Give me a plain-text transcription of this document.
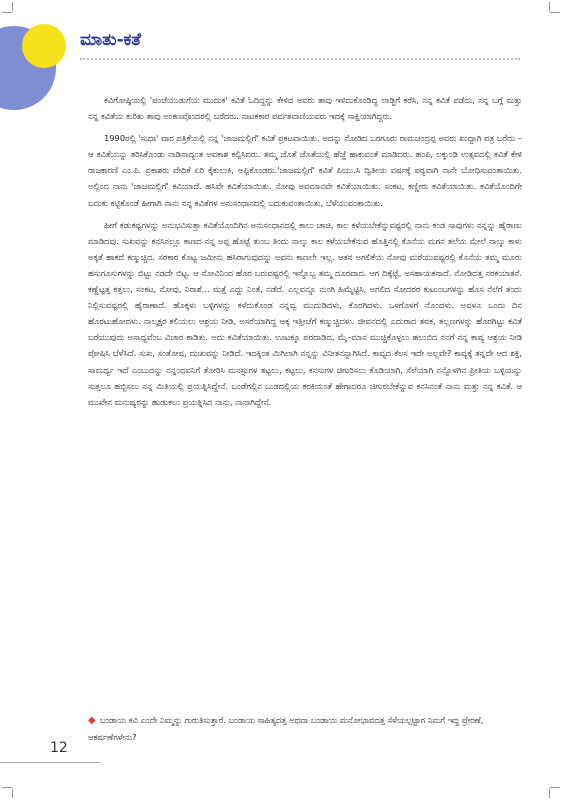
ಮಾತು-ಕತೆ

ಕವಿಗೋಷ್ಠಿಯಲ್ಲಿ 'ಪಂಜೆಯುಡುಗೆಯ ಮುದುಕ' ಕವಿತೆ ಓದಿದ್ದನ್ನು ಕೇಳಿದ ಅವರು ತಾವು ಇಳಿದುಕೊಂಡಿದ್ದ ಲಾಡ್ಜಿಗೆ ಕರೆಸಿ, ನನ್ನ ಕವಿತೆ ಪಡೆದು, ನನ್ನ ಬಗ್ಗೆ ಮತ್ತು ನನ್ನ ಕವಿತೆಯ ಕುರಿತು ತಾವು ಅಂಕಣವೊಂದರಲ್ಲಿ ಬರೆದರು. ನಾಟಕಕಾರ ಪರ್ವತವಾಣಿಯವರು ಇದಕ್ಕೆ ಸಾಕ್ಷಿಯಾಗಿದ್ದರು.

1990ರಲ್ಲಿ 'ಸುಧಾ' ವಾರ ಪತ್ರಿಕೆಯಲ್ಲಿ ನನ್ನ 'ಜಾಜಮಲ್ಲಿಗೆ' ಕವಿತೆ ಪ್ರಕಟವಾಯಿತು. ಅದನ್ನು ನೋಡಿದ ಬರಗೂರು ರಾಮಚಂದ್ರಪ್ಪ ಅವರು ಖುದ್ದಾಗಿ ಪತ್ರ ಬರೆದು – ಆ ಕವಿತೆಯನ್ನು ತರಿಸಿಕೊಂಡು ನಾಡಿನಾದ್ಯಂತ ಅವಕಾಶ ಕಲ್ಪಿಸಿದರು. ತಮ್ಮ ಜೊತೆ ಜೊತೆಯಲ್ಲಿ ಹೆಜ್ಜೆ ಹಾಕುವಂತೆ ಮಾಡಿದರು. ಹಂಪಿ, ಲಕ್ಕುಂಡಿ ಉತ್ಸವದಲ್ಲಿ ಕವಿತೆ ಕೇಳಿ ರಾಜಕಾರಣಿ ಎಂ.ಪಿ. ಪ್ರಕಾಶರು ವೇದಿಕೆ ಏರಿ ಕೈಕುಲುಕಿ, ಅಪ್ಪಿಕೊಂಡರು.'ಜಾಜಮಲ್ಲಿಗೆ' ಕವಿತೆ ಪಿಯು.ಸಿ ದ್ವಿತೀಯ ವರ್ಷಕ್ಕೆ ಪಠ್ಯವಾಗಿ ನಾನೇ ಬೋಧಿಸುವಂತಾಯಿತು. ಅಲ್ಲಿಂದ ನಾನು 'ಜಾಜಮಲ್ಲಿಗೆ' ಕವಿಯಾದೆ. ಹಸಿವೇ ಕವಿತೆಯಾಯಿತು. ನೋವು ಅವಮಾನವೇ ಕವಿತೆಯಾಯಿತು. ಸಂಕಟ, ಕಣ್ಣೀರು ಕವಿತೆಯಾಯಿತು. ಕವಿತೆಯೊಂದಿಗೇ ಬದುಕು ಕಟ್ಟಿಕೊಂಡೆ ಹೀಗಾಗಿ ನಾನು ನನ್ನ ಕವಿತೆಗಳ ಅನುಸಂಧಾನದಲ್ಲಿ ಬದುಕುವಂತಾಯಿತು, ಬೆಳೆಯುವಂತಾಯಿತು.

ಹೀಗೆ ಕಡುಕಷ್ಟಗಳನ್ನು ಅನುಭವಿಸುತ್ತಾ ಕವಿತೆಯೊಂದಿಗಿನ ಅನುಸಂಧಾನದಲ್ಲಿ ಕಾಲು ಚಾಚಿ, ಕಾಲ ಕಳೆಯಬೇಕೆನ್ನುವಷ್ಟರಲ್ಲಿ ನಾನು ಕಂಡ ಸಾವುಗಳು ನನ್ನನ್ನು ಹೈರಾಣು ಮಾಡಿದವು. ಸುಖವನ್ನು ಕನಸಿನಲ್ಲೂ ಕಾಣದ ನನ್ನ ಅಪ್ಪ ಹೊಟ್ಟೆ ತುಂಬ ತಿಂದು ನಾಲ್ಕು ಕಾಲ ಕಳೆಯಬೇಕೆನುವ ಹೊತ್ತಿನಲ್ಲಿ ಕೊನೆಯ ಮಗನ ತಲೆಯ ಮೇಲೆ ನಾಲ್ಕು ಕಾಳು ಅಕ್ಕತೆ ಹಾಕದೆ ಕಣ್ಮುಚ್ಚಿದ. ಸರಕಾರ ಕೊಟ್ಟ ಜಮೀನು ಹಸಿರಾಗುವುದನ್ನು ಅವನು ಕಾಣಲೇ ಇಲ್ಲ. ಆತನ ಅಗಲಿಕೆಯ ನೋವು ಮರೆಯುವಷ್ಟರಲ್ಲಿ ಕೊನೆಯ ತಮ್ಮ ಮೂರು ಹಸುಗೂಸುಗಳನ್ನು ಬಿಟ್ಟು ನಡದೇ ಬಿಟ್ಟ. ಆ ನೋವಿನಿಂದ ಹೊರ ಬರುವಷ್ಟರಲ್ಲಿ ಇನ್ನೊಬ್ಬ ತಮ್ಮ ದೂರವಾದ. ಆಗ ದಿಕ್ಕೆಟ್ಟೆ, ಅಸಹಾಯಕನಾದೆ. ನೋಡಿದತ್ತ ನರಕಯಾತನೆ. ಕಣ್ಣೆಟ್ಟತ್ತ ಕತ್ತಲು, ಸಂಕಟ, ನೋವು, ನಿರಾಶೆ... ಮತ್ತೆ ಎದ್ದು ನಿಂತೆ, ನಡೆದೆ. ಎಲ್ಲವನ್ನೂ ನುಂಗಿ ಹಿಮ್ಮೆಟ್ಟಿಸಿ, ಅಗಲಿದ ಸೋದರರ ಕುಟುಂಬಗಳನ್ನು ಹೊಸ ನೆಲೆಗೆ ತಂದು ನಿಲ್ಲಿಸುವಷ್ಟರಲ್ಲಿ ಹೈರಾಣಾದೆ. ಹೊಕ್ಕಳು ಬಳ್ಳಿಗಳನ್ನು ಕಳೆದುಕೊಂಡ ನನ್ನವ್ವ ಮುದುಡಿದಳು, ಕೊರಗಿದಳು. ಒಳಗೊಳಗೆ ನೊಂದಳು. ಅವಳೂ ಒಂದು ದಿನ ಹೊರಟುಹೋದಳು. ನಾಲ್ಕಕ್ಷರ ಕಲಿಯಲು ಆಶ್ರಯ ನೀಡಿ, ಅಸರೆಯಾಗಿದ್ದ ಅಕ್ಕ ಇತ್ತೀಚೆಗೆ ಕಣ್ಮುಚ್ಚಿದಳು. ಜೀವನದಲ್ಲಿ ಎದುರಾದ ತವಕ, ತಲ್ಲಣಗಳನ್ನು ಹೊರಗಿಟ್ಟು ಕವಿತೆ ಬರೆಯುವುದು ಅಸಾಧ್ಯವೆಂಬ ವಿಚಾರ ಕಾಡಿತು. ಅದು ಕವಿತೆಯಾಯಿತು. ಊಟಕ್ಕೂ ಪರದಾಡಿದ, ಮೈ–ಮಾನ ಮುಚ್ಚಿಕೊಳ್ಳಲು ಹಲುಬಿದ ನನಗೆ ನನ್ನ ಕಾವ್ಯ ಆಶ್ರಯ ನೀಡಿ ಪೋಷಿಸಿ ಬೆಳೆಸಿದೆ. ಸುಖ, ಸಂತೋಷ, ದುಃಖವನ್ನು ನೀಡಿದೆ. ಇದಕ್ಕಿಂತ ಮಿಗಿಲಾಗಿ ನನ್ನನ್ನು ವಿನೀತನನ್ನಾಗಿಸಿದೆ. ಕಾವ್ಯದ ಕೆಲಸ ಇದೇ ಅಲ್ಲವೇ? ಕಾವ್ಯಕ್ಕೆ ತನ್ನದೇ ಆದ ಶಕ್ತಿ, ಸಾಮರ್ಥ್ಯ ಇದೆ ಎಂಬುದನ್ನು ನನ್ನಂಥವನಿಗೆ ತೋರಿಸಿ ಮನಸ್ಸುಗಳ ತಟ್ಟಲು, ಕಟ್ಟಲು, ಕನಸುಗಳ ಚಿಗುರಿಸಲು ಕೊಡಿಯಾಗಿ, ಸೆಲೆಯಾಗಿ ನನ್ನೊಳಗಿನ ಪ್ರೀತಿಯ ಬಳ್ಳಿಯನ್ನು ಸುತ್ತಲೂ ಹಬ್ಬಿಸಲು ನನ್ನ ಮಿತಿಯಲ್ಲಿ ಪ್ರಯತ್ನಿಸಿದ್ದೇನೆ. ಬಂಡೆಗಲ್ಲಿನ ಬುಡದಲ್ಲಿಯ ಕರಕಿಯಂತೆ ಹೇಗಾದರೂ ಚಿಗುರಬೇಕೆನ್ನುವ ಕನಸಿನಂತೆ ನಾನು ಮತ್ತು ನನ್ನ ಕವಿತೆ. ಆ ಮುಖೇನ ಮನುಷ್ಯರನ್ನು ಹುಡುಕಲು ಪ್ರಯತ್ನಿಸಿದ ನಾನು, ನಾನಾಗಿದ್ದೇನೆ.

◆ ಬಂಡಾಯ ಕವಿ ಎಂದೇ ನಿಮ್ಮನ್ನು ಗುರುತಿಸುತ್ತಾರೆ. ಬಂಡಾಯ ಸಾಹಿತ್ಯದತ್ತ ಅಥವಾ ಬಂಡಾಯ ಮನೋಭಾವದತ್ತ ಸೆಳೆಯಲ್ಪಟ್ಟಾಗ ನಿಮಗೆ ಇದ್ದ ಪ್ರೇರಣೆ, ಆಕರ್ಷಣೆಗಳೇನು?
12
